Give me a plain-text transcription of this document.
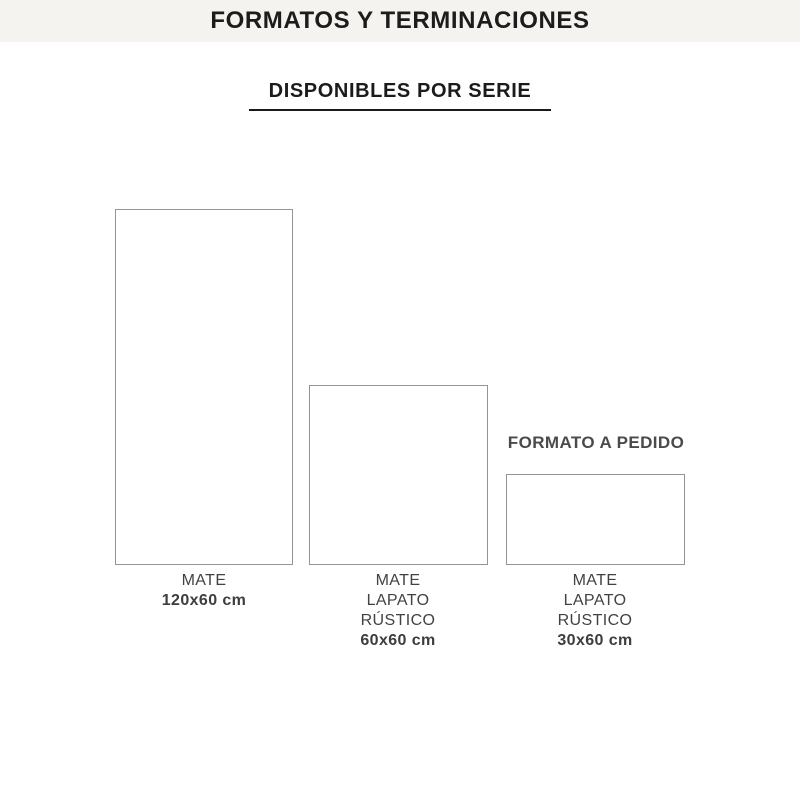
FORMATOS Y TERMINACIONES
DISPONIBLES POR SERIE
FORMATO A PEDIDO
MATE
120x60 cm
MATE
LAPATO
RÚSTICO
60x60 cm
MATE
LAPATO
RÚSTICO
30x60 cm
